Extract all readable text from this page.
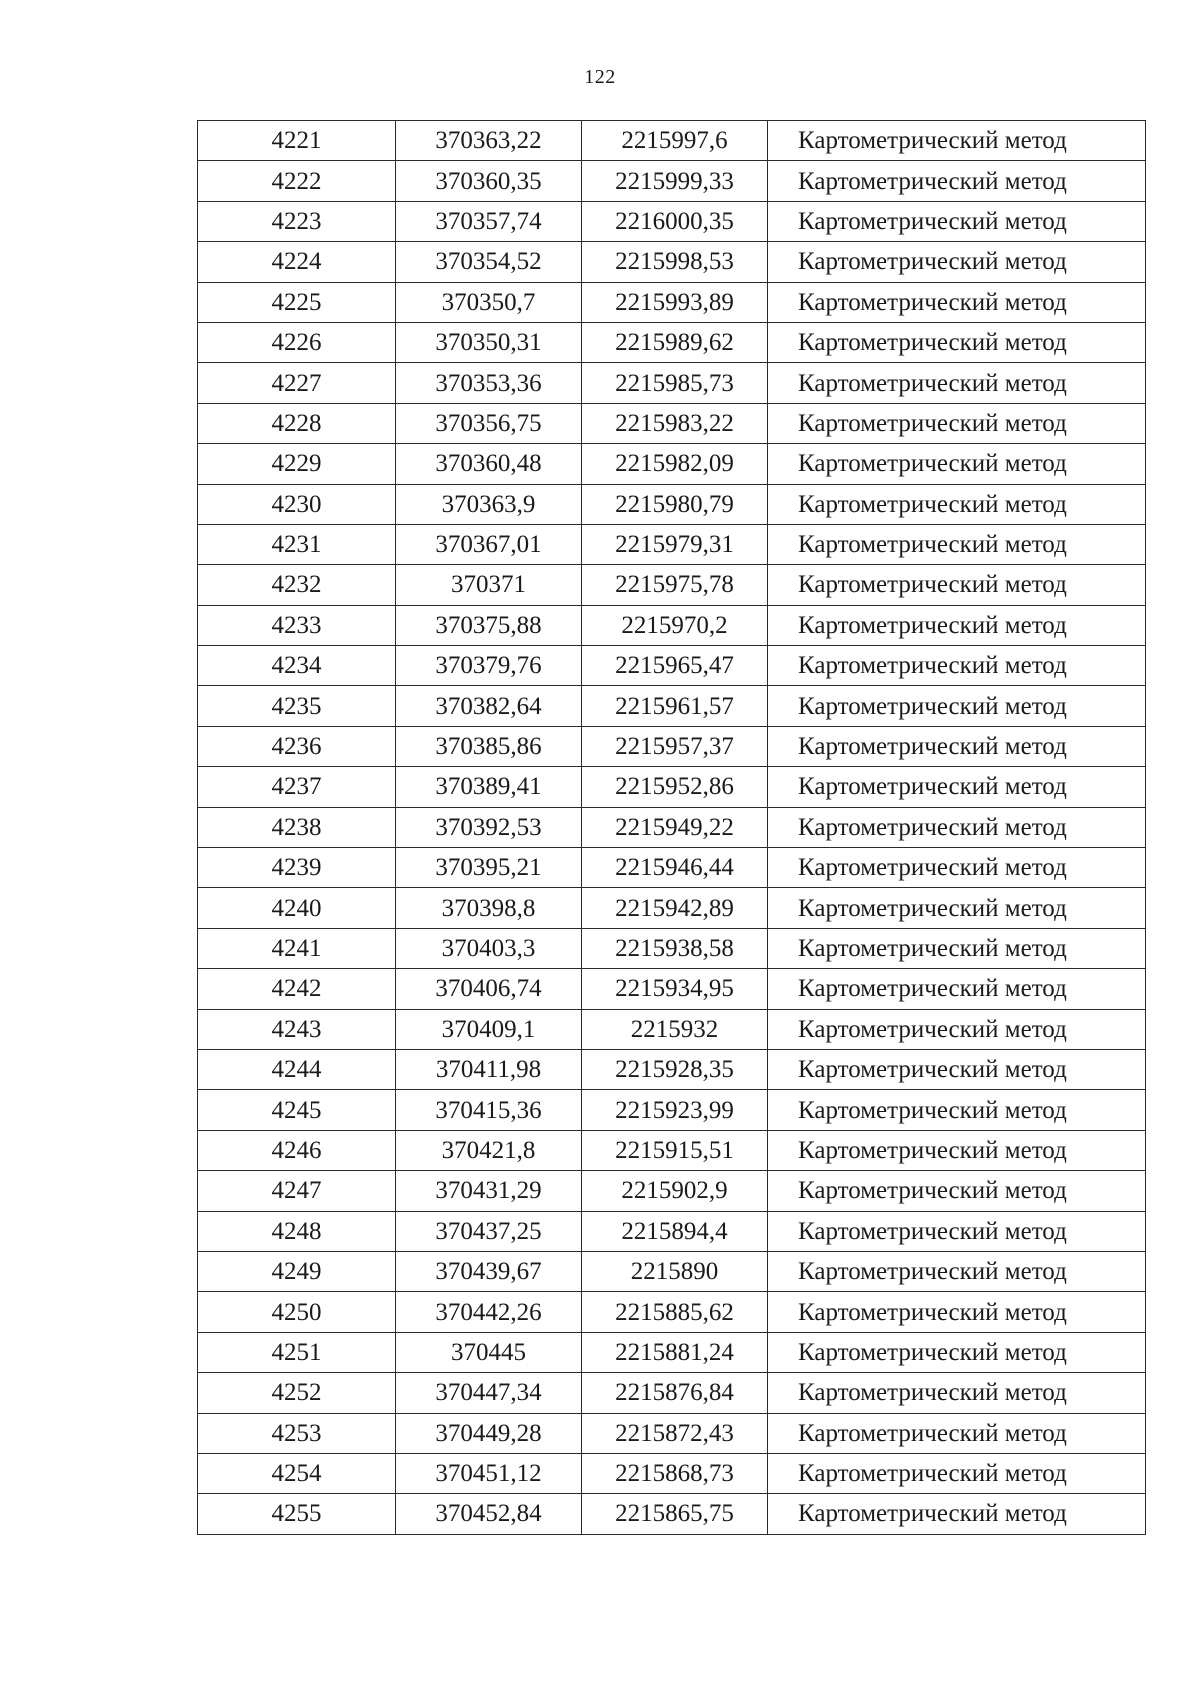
122
4221	370363,22	2215997,6	Картометрический метод
4222	370360,35	2215999,33	Картометрический метод
4223	370357,74	2216000,35	Картометрический метод
4224	370354,52	2215998,53	Картометрический метод
4225	370350,7	2215993,89	Картометрический метод
4226	370350,31	2215989,62	Картометрический метод
4227	370353,36	2215985,73	Картометрический метод
4228	370356,75	2215983,22	Картометрический метод
4229	370360,48	2215982,09	Картометрический метод
4230	370363,9	2215980,79	Картометрический метод
4231	370367,01	2215979,31	Картометрический метод
4232	370371	2215975,78	Картометрический метод
4233	370375,88	2215970,2	Картометрический метод
4234	370379,76	2215965,47	Картометрический метод
4235	370382,64	2215961,57	Картометрический метод
4236	370385,86	2215957,37	Картометрический метод
4237	370389,41	2215952,86	Картометрический метод
4238	370392,53	2215949,22	Картометрический метод
4239	370395,21	2215946,44	Картометрический метод
4240	370398,8	2215942,89	Картометрический метод
4241	370403,3	2215938,58	Картометрический метод
4242	370406,74	2215934,95	Картометрический метод
4243	370409,1	2215932	Картометрический метод
4244	370411,98	2215928,35	Картометрический метод
4245	370415,36	2215923,99	Картометрический метод
4246	370421,8	2215915,51	Картометрический метод
4247	370431,29	2215902,9	Картометрический метод
4248	370437,25	2215894,4	Картометрический метод
4249	370439,67	2215890	Картометрический метод
4250	370442,26	2215885,62	Картометрический метод
4251	370445	2215881,24	Картометрический метод
4252	370447,34	2215876,84	Картометрический метод
4253	370449,28	2215872,43	Картометрический метод
4254	370451,12	2215868,73	Картометрический метод
4255	370452,84	2215865,75	Картометрический метод
